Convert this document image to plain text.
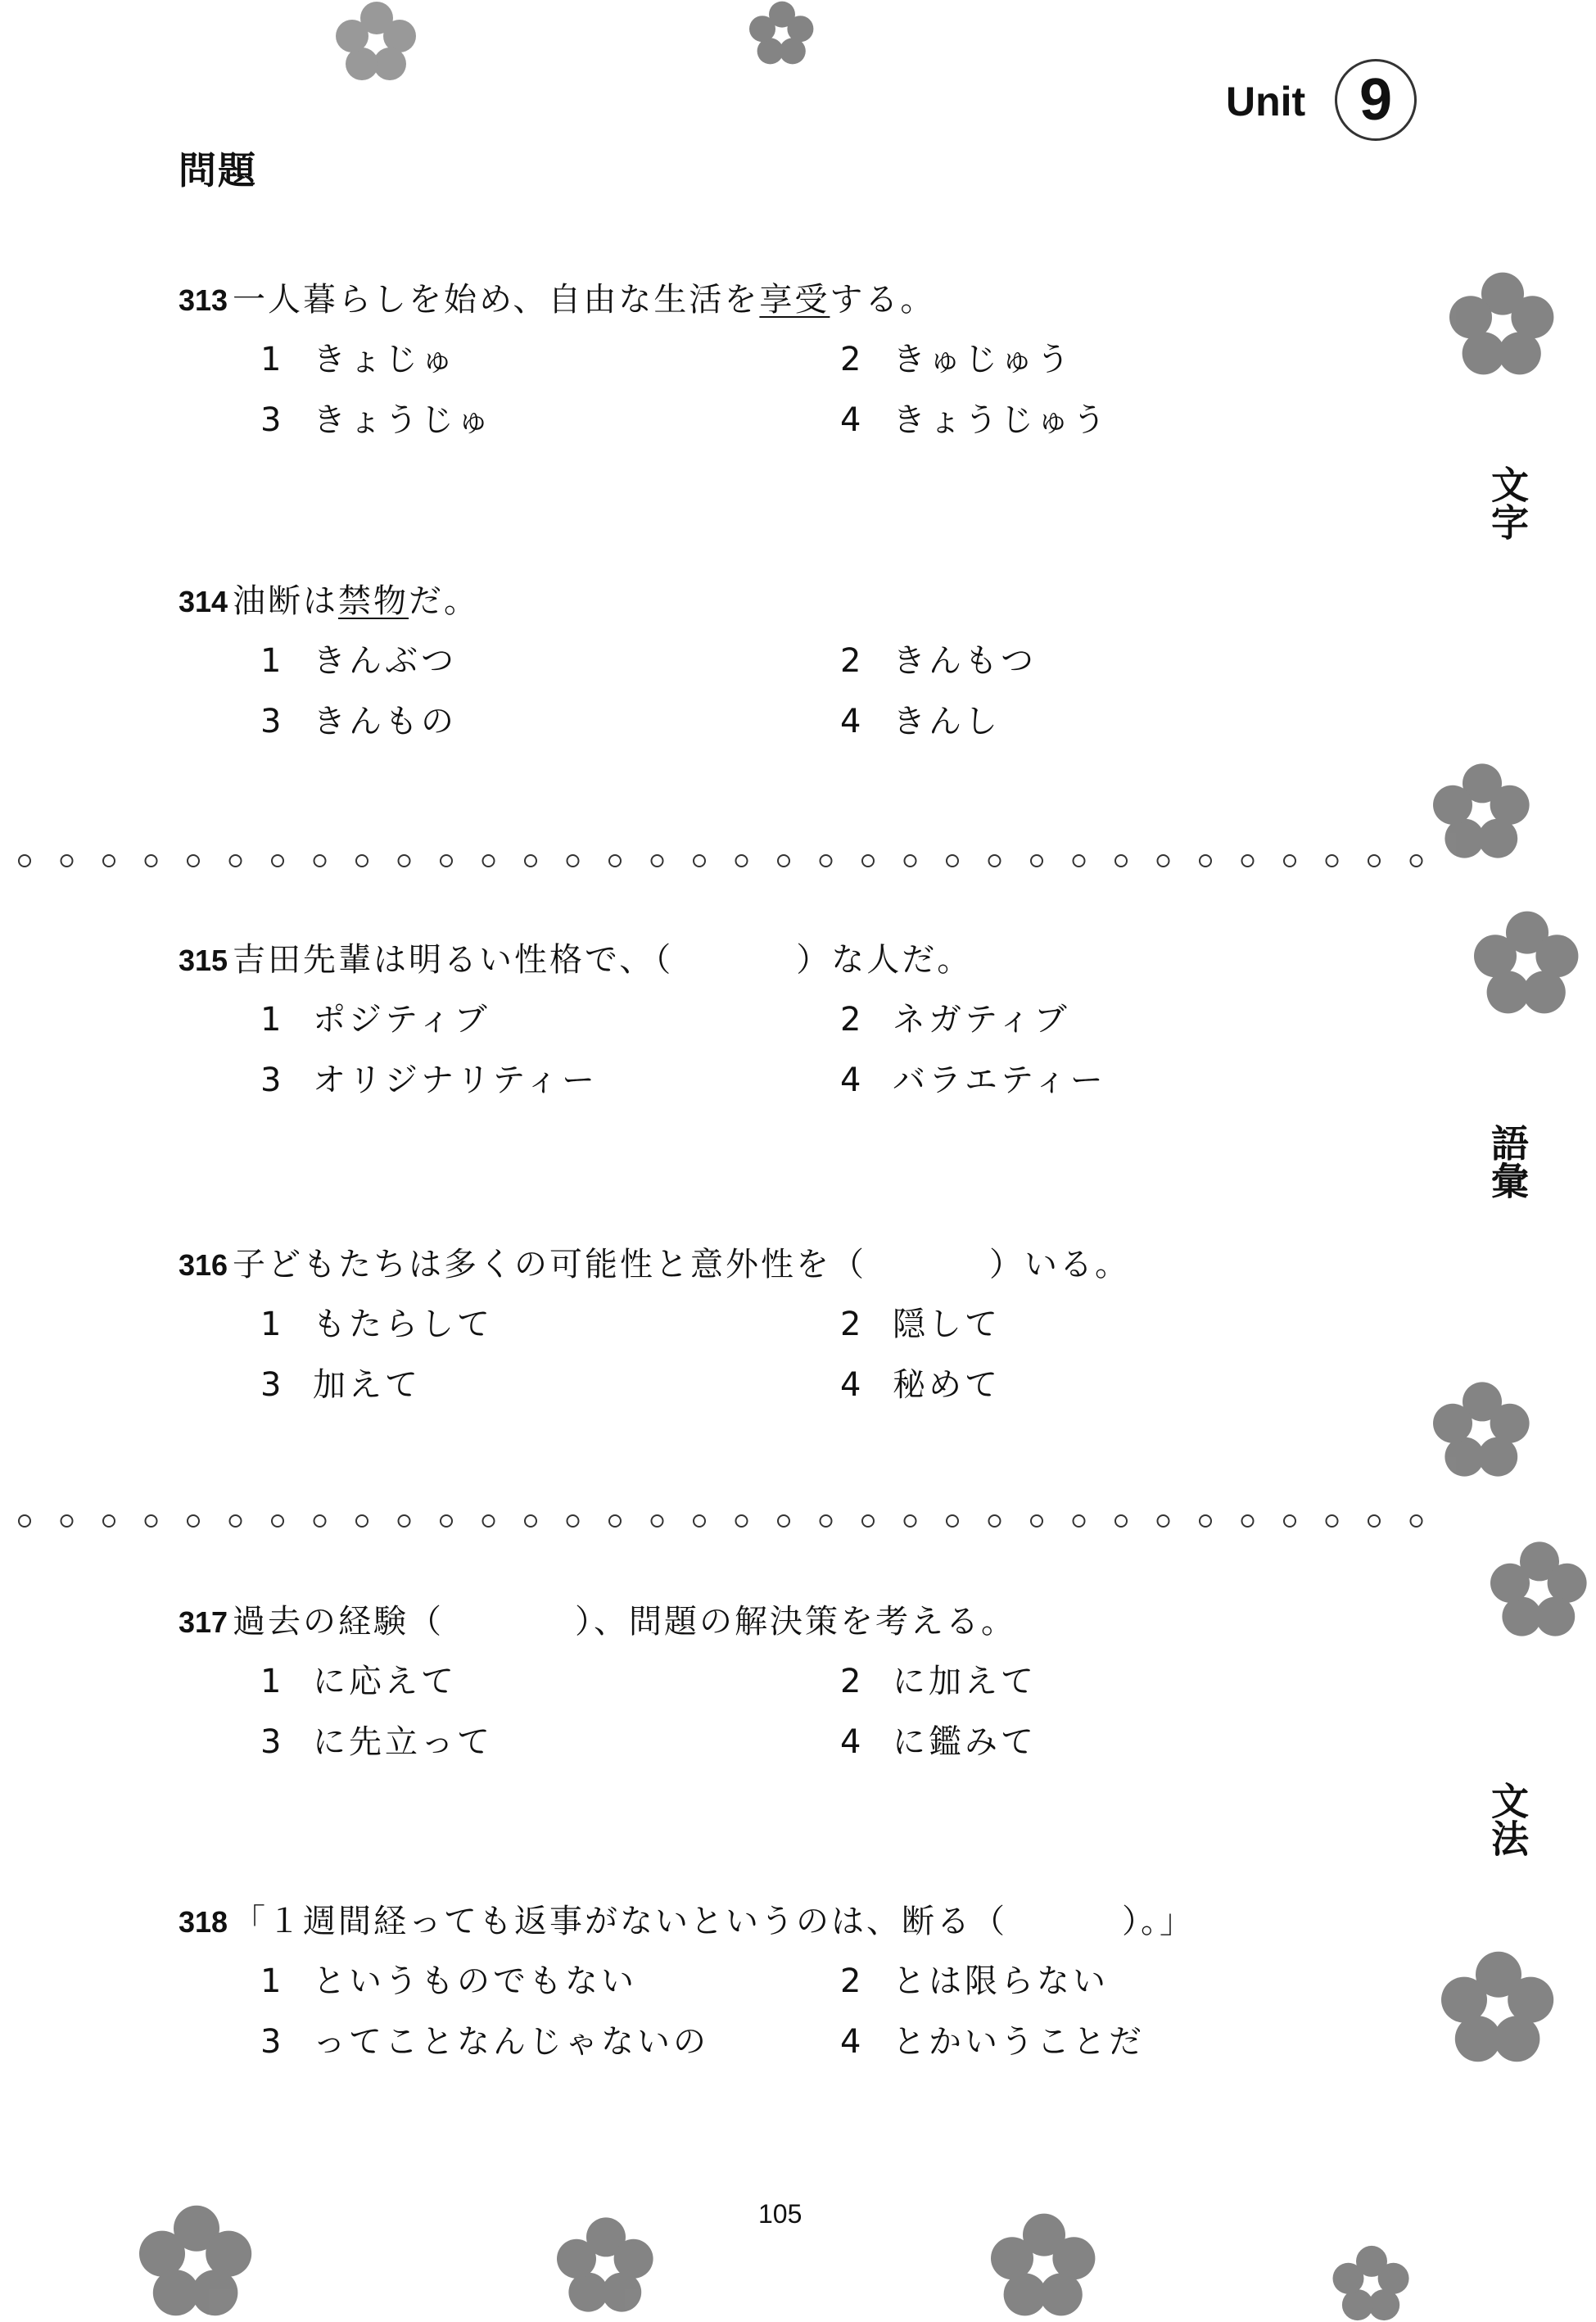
Unit 9
問題
文字
語彙
文法
313 一人暮らしを始め、自由な生活を享受する。
1 きょじゅ	2 きゅじゅう
3 きょうじゅ	4 きょうじゅう
314 油断は禁物だ。
1 きんぶつ	2 きんもつ
3 きんもの	4 きんし
315 吉田先輩は明るい性格で、（	）な人だ。
1 ポジティブ	2 ネガティブ
3 オリジナリティー	4 バラエティー
316 子どもたちは多くの可能性と意外性を（	）いる。
1 もたらして	2 隠して
3 加えて	4 秘めて
317 過去の経験（	）、問題の解決策を考える。
1 に応えて	2 に加えて
3 に先立って	4 に鑑みて
318 「１週間経っても返事がないというのは、断る（	）。」
1 というものでもない	2 とは限らない
3 ってことなんじゃないの	4 とかいうことだ
105
